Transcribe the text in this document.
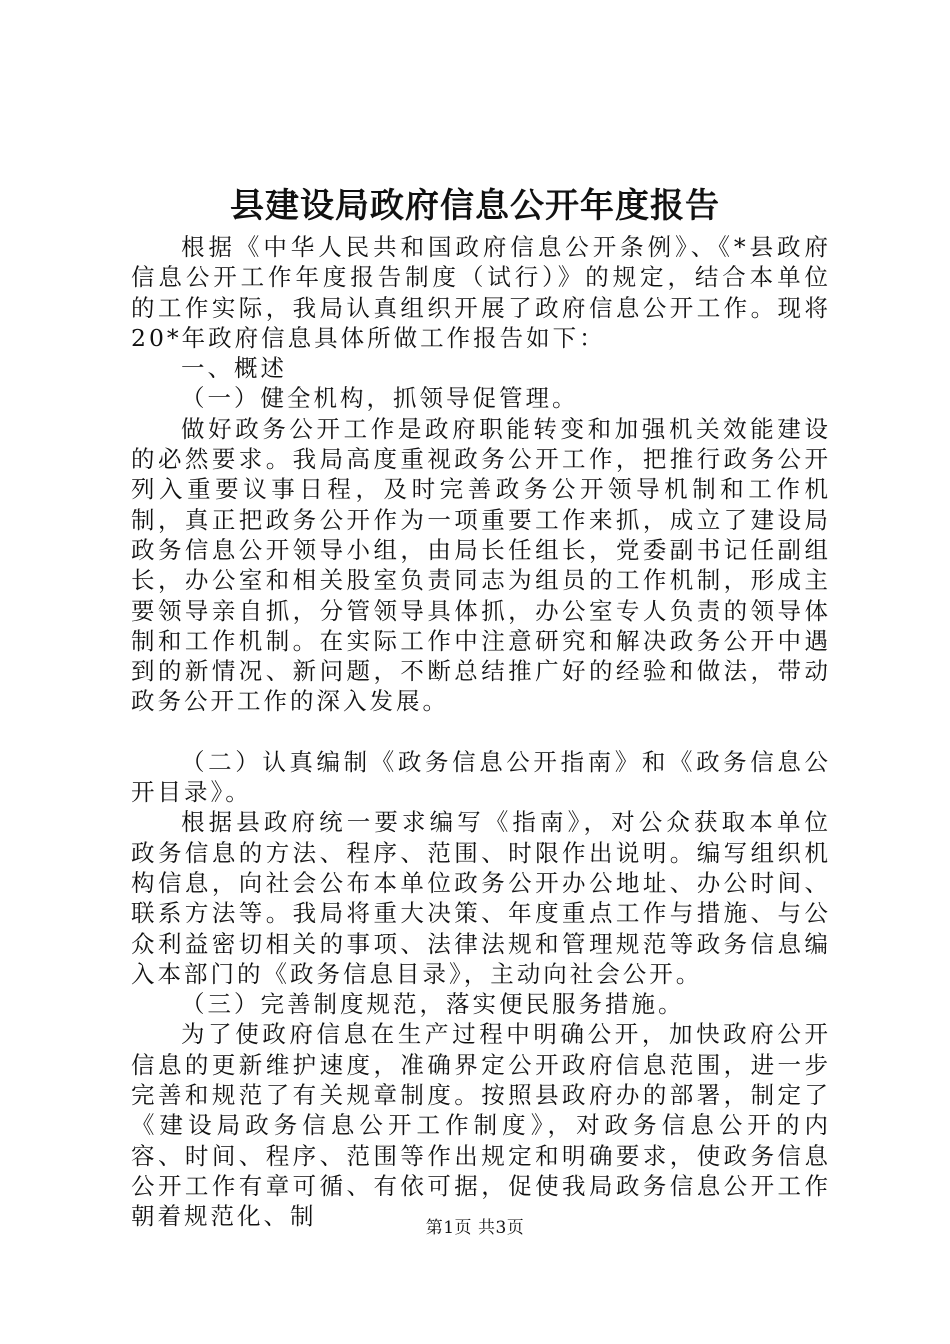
县建设局政府信息公开年度报告

根据《中华人民共和国政府信息公开条例》、《*县政府信息公开工作年度报告制度（试行）》的规定，结合本单位的工作实际，我局认真组织开展了政府信息公开工作。现将20*年政府信息具体所做工作报告如下：

一、概述

（一）健全机构，抓领导促管理。

做好政务公开工作是政府职能转变和加强机关效能建设的必然要求。我局高度重视政务公开工作，把推行政务公开列入重要议事日程，及时完善政务公开领导机制和工作机制，真正把政务公开作为一项重要工作来抓，成立了建设局政务信息公开领导小组，由局长任组长，党委副书记任副组长，办公室和相关股室负责同志为组员的工作机制，形成主要领导亲自抓，分管领导具体抓，办公室专人负责的领导体制和工作机制。在实际工作中注意研究和解决政务公开中遇到的新情况、新问题，不断总结推广好的经验和做法，带动政务公开工作的深入发展。

（二）认真编制《政务信息公开指南》和《政务信息公开目录》。

根据县政府统一要求编写《指南》，对公众获取本单位政务信息的方法、程序、范围、时限作出说明。编写组织机构信息，向社会公布本单位政务公开办公地址、办公时间、联系方法等。我局将重大决策、年度重点工作与措施、与公众利益密切相关的事项、法律法规和管理规范等政务信息编入本部门的《政务信息目录》，主动向社会公开。

（三）完善制度规范，落实便民服务措施。

为了使政府信息在生产过程中明确公开，加快政府公开信息的更新维护速度，准确界定公开政府信息范围，进一步完善和规范了有关规章制度。按照县政府办的部署，制定了《建设局政务信息公开工作制度》，对政务信息公开的内容、时间、程序、范围等作出规定和明确要求，使政务信息公开工作有章可循、有依可据，促使我局政务信息公开工作朝着规范化、制	第1页 共3页
